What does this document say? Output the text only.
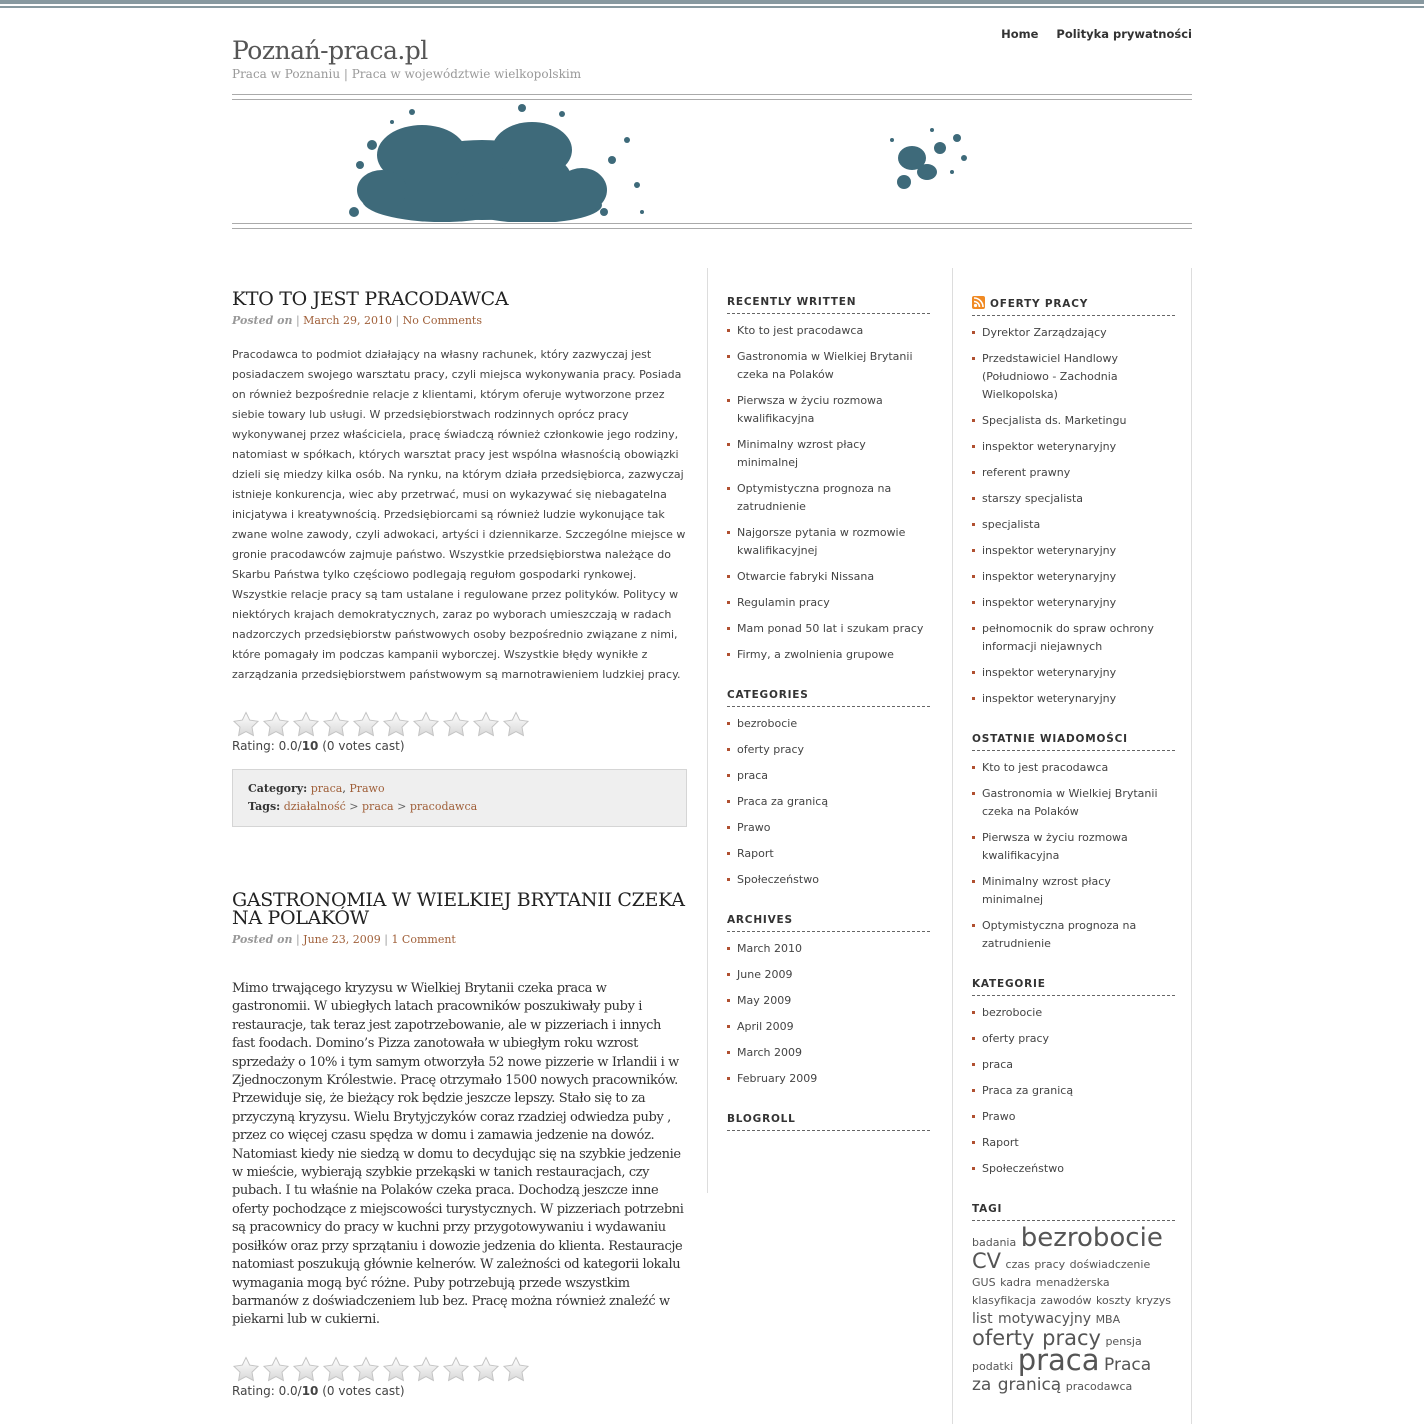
Poznań-praca.pl
Praca w Poznaniu | Praca w województwie wielkopolskim
Home Polityka prywatności
KTO TO JEST PRACODAWCA
Posted on | March 29, 2010 | No Comments
Pracodawca to podmiot działający na własny rachunek, który zazwyczaj jest posiadaczem swojego warsztatu pracy, czyli miejsca wykonywania pracy. Posiada on również bezpośrednie relacje z klientami, którym oferuje wytworzone przez siebie towary lub usługi. W przedsiębiorstwach rodzinnych oprócz pracy wykonywanej przez właściciela, pracę świadczą również członkowie jego rodziny, natomiast w spółkach, których warsztat pracy jest wspólna własnością obowiązki dzieli się miedzy kilka osób. Na rynku, na którym działa przedsiębiorca, zazwyczaj istnieje konkurencja, wiec aby przetrwać, musi on wykazywać się niebagatelna inicjatywa i kreatywnością. Przedsiębiorcami są również ludzie wykonujące tak zwane wolne zawody, czyli adwokaci, artyści i dziennikarze. Szczególne miejsce w gronie pracodawców zajmuje państwo. Wszystkie przedsiębiorstwa należące do Skarbu Państwa tylko częściowo podlegają regułom gospodarki rynkowej. Wszystkie relacje pracy są tam ustalane i regulowane przez polityków. Politycy w niektórych krajach demokratycznych, zaraz po wyborach umieszczają w radach nadzorczych przedsiębiorstw państwowych osoby bezpośrednio związane z nimi, które pomagały im podczas kampanii wyborczej. Wszystkie błędy wynikłe z zarządzania przedsiębiorstwem państwowym są marnotrawieniem ludzkiej pracy.
Rating: 0.0/10 (0 votes cast)
Category: praca, Prawo
Tags: działalność > praca > pracodawca
GASTRONOMIA W WIELKIEJ BRYTANII CZEKA NA POLAKÓW
Posted on | June 23, 2009 | 1 Comment
Mimo trwającego kryzysu w Wielkiej Brytanii czeka praca w gastronomii. W ubiegłych latach pracowników poszukiwały puby i restauracje, tak teraz jest zapotrzebowanie, ale w pizzeriach i innych fast foodach. Domino’s Pizza zanotowała w ubiegłym roku wzrost sprzedaży o 10% i tym samym otworzyła 52 nowe pizzerie w Irlandii i w Zjednoczonym Królestwie. Pracę otrzymało 1500 nowych pracowników. Przewiduje się, że bieżący rok będzie jeszcze lepszy. Stało się to za przyczyną kryzysu. Wielu Brytyjczyków coraz rzadziej odwiedza puby , przez co więcej czasu spędza w domu i zamawia jedzenie na dowóz. Natomiast kiedy nie siedzą w domu to decydując się na szybkie jedzenie w mieście, wybierają szybkie przekąski w tanich restauracjach, czy pubach. I tu właśnie na Polaków czeka praca. Dochodzą jeszcze inne oferty pochodzące z miejscowości turystycznych. W pizzeriach potrzebni są pracownicy do pracy w kuchni przy przygotowywaniu i wydawaniu posiłków oraz przy sprzątaniu i dowozie jedzenia do klienta. Restauracje natomiast poszukują głównie kelnerów. W zależności od kategorii lokalu wymagania mogą być różne. Puby potrzebują przede wszystkim barmanów z doświadczeniem lub bez. Pracę można również znaleźć w piekarni lub w cukierni.
Rating: 0.0/10 (0 votes cast)
RECENTLY WRITTEN
Kto to jest pracodawca
Gastronomia w Wielkiej Brytanii czeka na Polaków
Pierwsza w życiu rozmowa kwalifikacyjna
Minimalny wzrost płacy minimalnej
Optymistyczna prognoza na zatrudnienie
Najgorsze pytania w rozmowie kwalifikacyjnej
Otwarcie fabryki Nissana
Regulamin pracy
Mam ponad 50 lat i szukam pracy
Firmy, a zwolnienia grupowe
CATEGORIES
bezrobocie
oferty pracy
praca
Praca za granicą
Prawo
Raport
Społeczeństwo
ARCHIVES
March 2010
June 2009
May 2009
April 2009
March 2009
February 2009
BLOGROLL
OFERTY PRACY
Dyrektor Zarządzający
Przedstawiciel Handlowy (Południowo - Zachodnia Wielkopolska)
Specjalista ds. Marketingu
inspektor weterynaryjny
referent prawny
starszy specjalista
specjalista
inspektor weterynaryjny
inspektor weterynaryjny
inspektor weterynaryjny
pełnomocnik do spraw ochrony informacji niejawnych
inspektor weterynaryjny
inspektor weterynaryjny
OSTATNIE WIADOMOŚCI
Kto to jest pracodawca
Gastronomia w Wielkiej Brytanii czeka na Polaków
Pierwsza w życiu rozmowa kwalifikacyjna
Minimalny wzrost płacy minimalnej
Optymistyczna prognoza na zatrudnienie
KATEGORIE
bezrobocie
oferty pracy
praca
Praca za granicą
Prawo
Raport
Społeczeństwo
TAGI
badania bezrobocie CV czas pracy doświadczenie GUS kadra menadżerska klasyfikacja zawodów koszty kryzys list motywacyjny MBA oferty pracy pensja podatki praca Praca za granicą pracodawca
